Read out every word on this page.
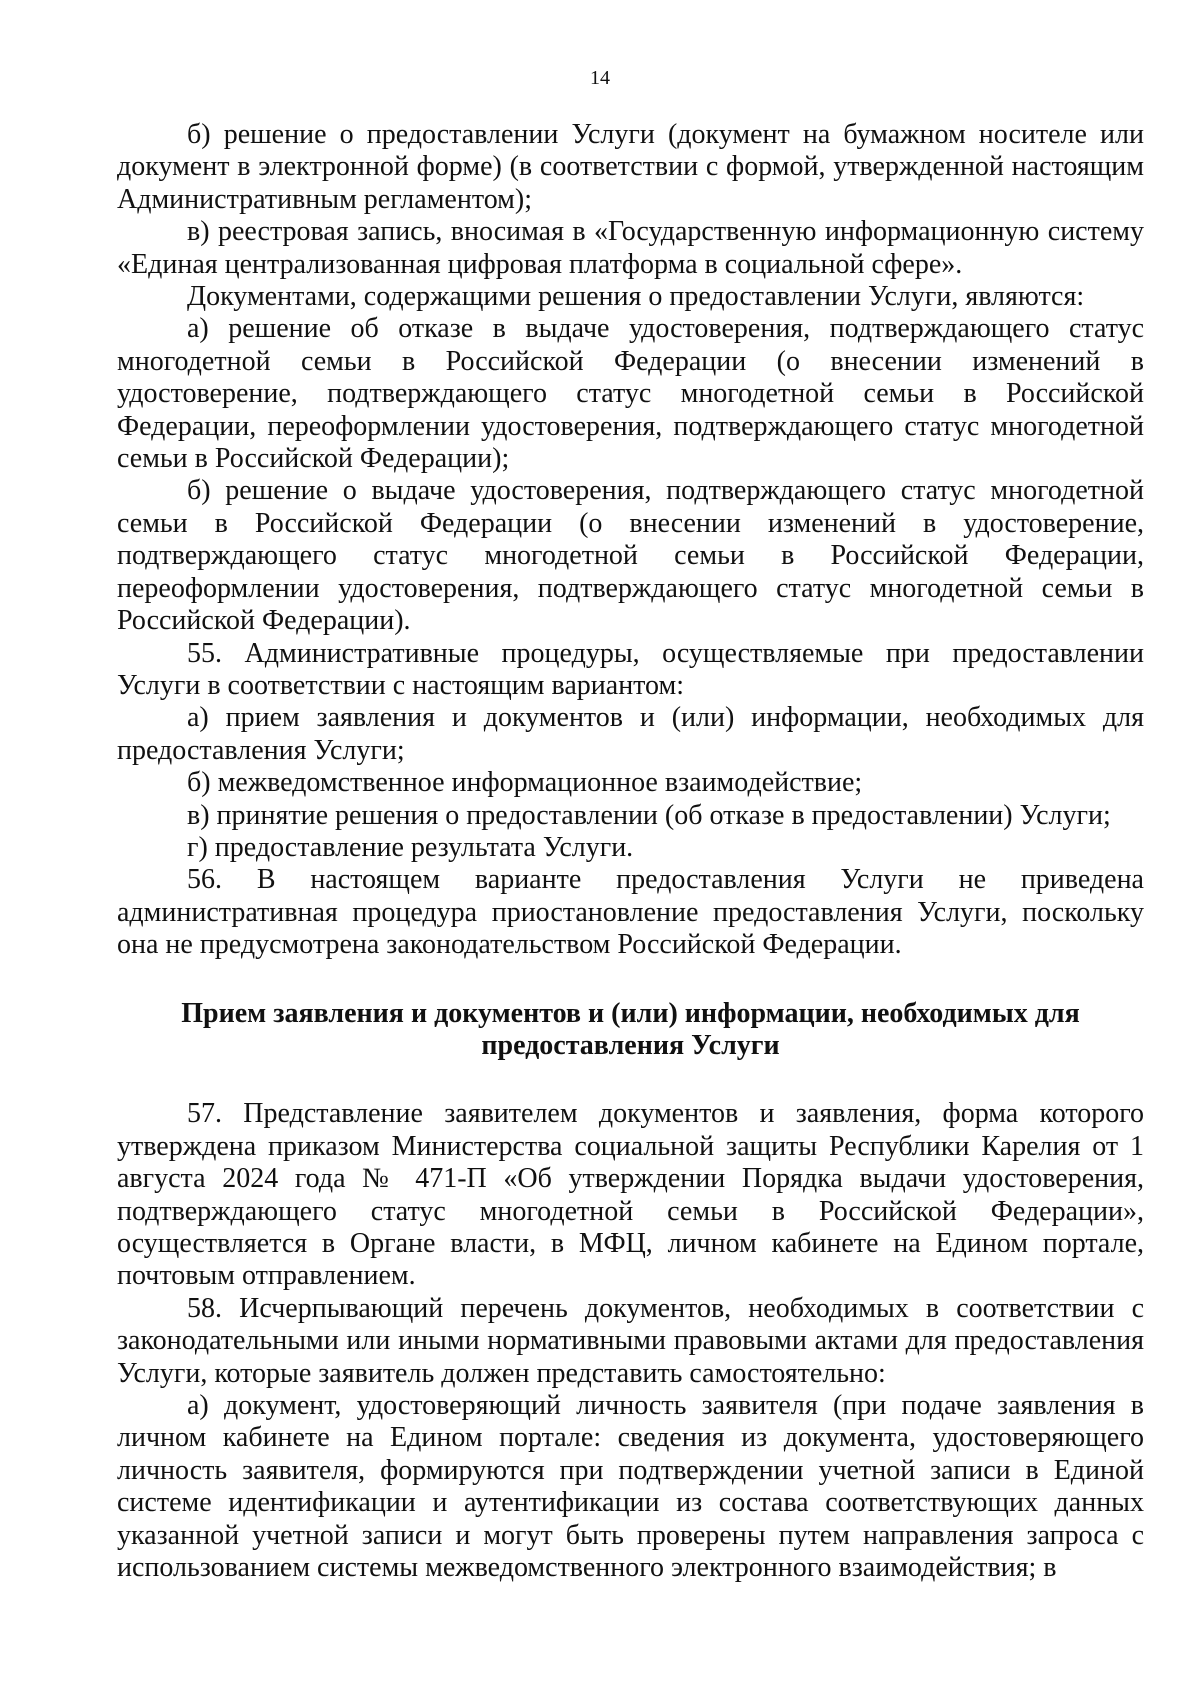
14

б) решение о предоставлении Услуги (документ на бумажном носителе или документ в электронной форме) (в соответствии с формой, утвержденной настоящим Административным регламентом);

в) реестровая запись, вносимая в «Государственную информационную систему «Единая централизованная цифровая платформа в социальной сфере».

Документами, содержащими решения о предоставлении Услуги, являются:

а) решение об отказе в выдаче удостоверения, подтверждающего статус многодетной семьи в Российской Федерации (о внесении изменений в удостоверение, подтверждающего статус многодетной семьи в Российской Федерации, переоформлении удостоверения, подтверждающего статус многодетной семьи в Российской Федерации);

б) решение о выдаче удостоверения, подтверждающего статус многодетной семьи в Российской Федерации (о внесении изменений в удостоверение, подтверждающего статус многодетной семьи в Российской Федерации, переоформлении удостоверения, подтверждающего статус многодетной семьи в Российской Федерации).

55. Административные процедуры, осуществляемые при предоставлении Услуги в соответствии с настоящим вариантом:

а) прием заявления и документов и (или) информации, необходимых для предоставления Услуги;

б) межведомственное информационное взаимодействие;

в) принятие решения о предоставлении (об отказе в предоставлении) Услуги;

г) предоставление результата Услуги.

56. В настоящем варианте предоставления Услуги не приведена административная процедура приостановление предоставления Услуги, поскольку она не предусмотрена законодательством Российской Федерации.

Прием заявления и документов и (или) информации, необходимых для
предоставления Услуги

57. Представление заявителем документов и заявления, форма которого утверждена приказом Министерства социальной защиты Республики Карелия от 1 августа 2024 года № 471-П «Об утверждении Порядка выдачи удостоверения, подтверждающего статус многодетной семьи в Российской Федерации», осуществляется в Органе власти, в МФЦ, личном кабинете на Едином портале, почтовым отправлением.

58. Исчерпывающий перечень документов, необходимых в соответствии с законодательными или иными нормативными правовыми актами для предоставления Услуги, которые заявитель должен представить самостоятельно:

а) документ, удостоверяющий личность заявителя (при подаче заявления в личном кабинете на Едином портале: сведения из документа, удостоверяющего личность заявителя, формируются при подтверждении учетной записи в Единой системе идентификации и аутентификации из состава соответствующих данных указанной учетной записи и могут быть проверены путем направления запроса с использованием системы межведомственного электронного взаимодействия; в
